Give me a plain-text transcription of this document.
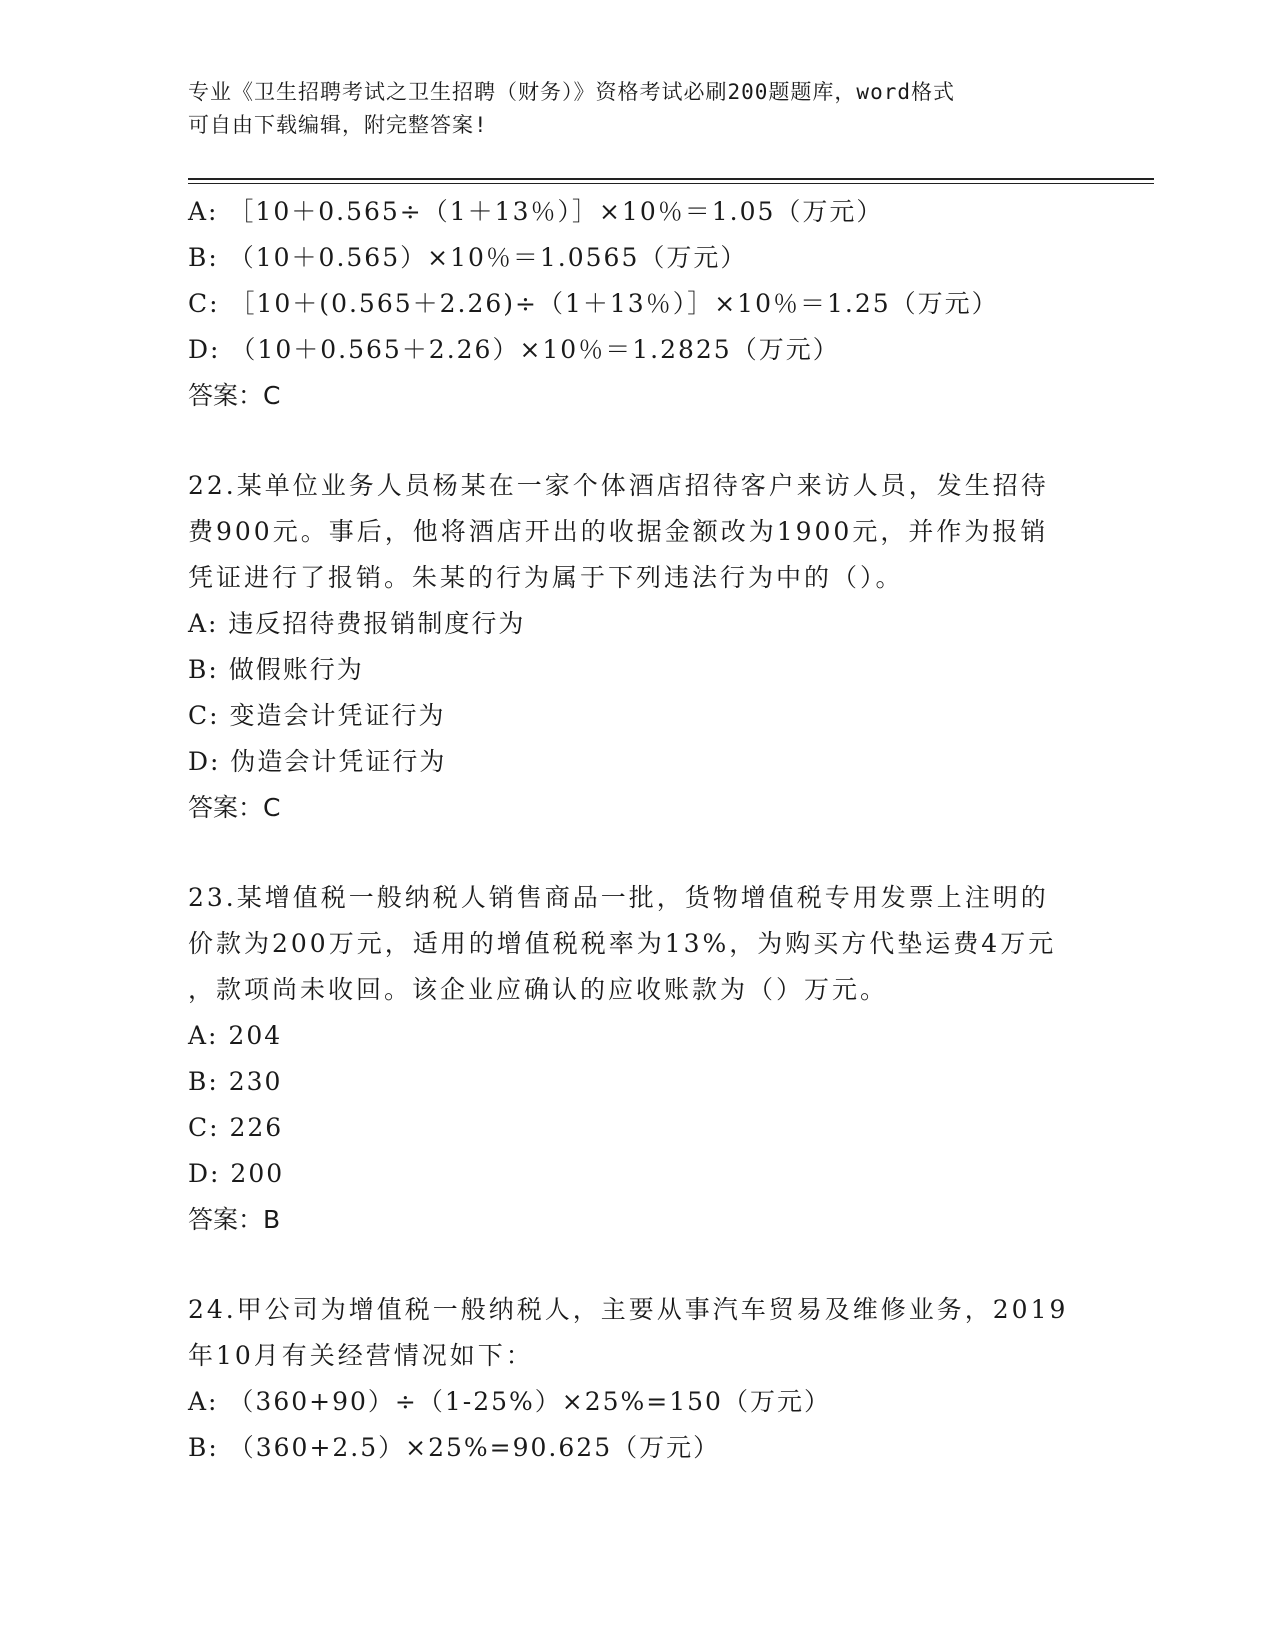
专业《卫生招聘考试之卫生招聘（财务）》资格考试必刷200题题库，word格式
可自由下载编辑，附完整答案!
A: ［10＋0.565÷（1＋13％）］×10％＝1.05（万元）
B: （10＋0.565）×10％＝1.0565（万元）
C: ［10＋(0.565＋2.26)÷（1＋13％）］×10％＝1.25（万元）
D: （10＋0.565＋2.26）×10％＝1.2825（万元）
答案：C
22.某单位业务人员杨某在一家个体酒店招待客户来访人员，发生招待
费900元。事后，他将酒店开出的收据金额改为1900元，并作为报销
凭证进行了报销。朱某的行为属于下列违法行为中的（）。
A: 违反招待费报销制度行为
B: 做假账行为
C: 变造会计凭证行为
D: 伪造会计凭证行为
答案：C
23.某增值税一般纳税人销售商品一批，货物增值税专用发票上注明的
价款为200万元，适用的增值税税率为13%，为购买方代垫运费4万元
，款项尚未收回。该企业应确认的应收账款为（）万元。
A: 204
B: 230
C: 226
D: 200
答案：B
24.甲公司为增值税一般纳税人，主要从事汽车贸易及维修业务，2019
年10月有关经营情况如下：
A: （360+90）÷（1-25%）×25%=150（万元）
B: （360+2.5）×25%=90.625（万元）
